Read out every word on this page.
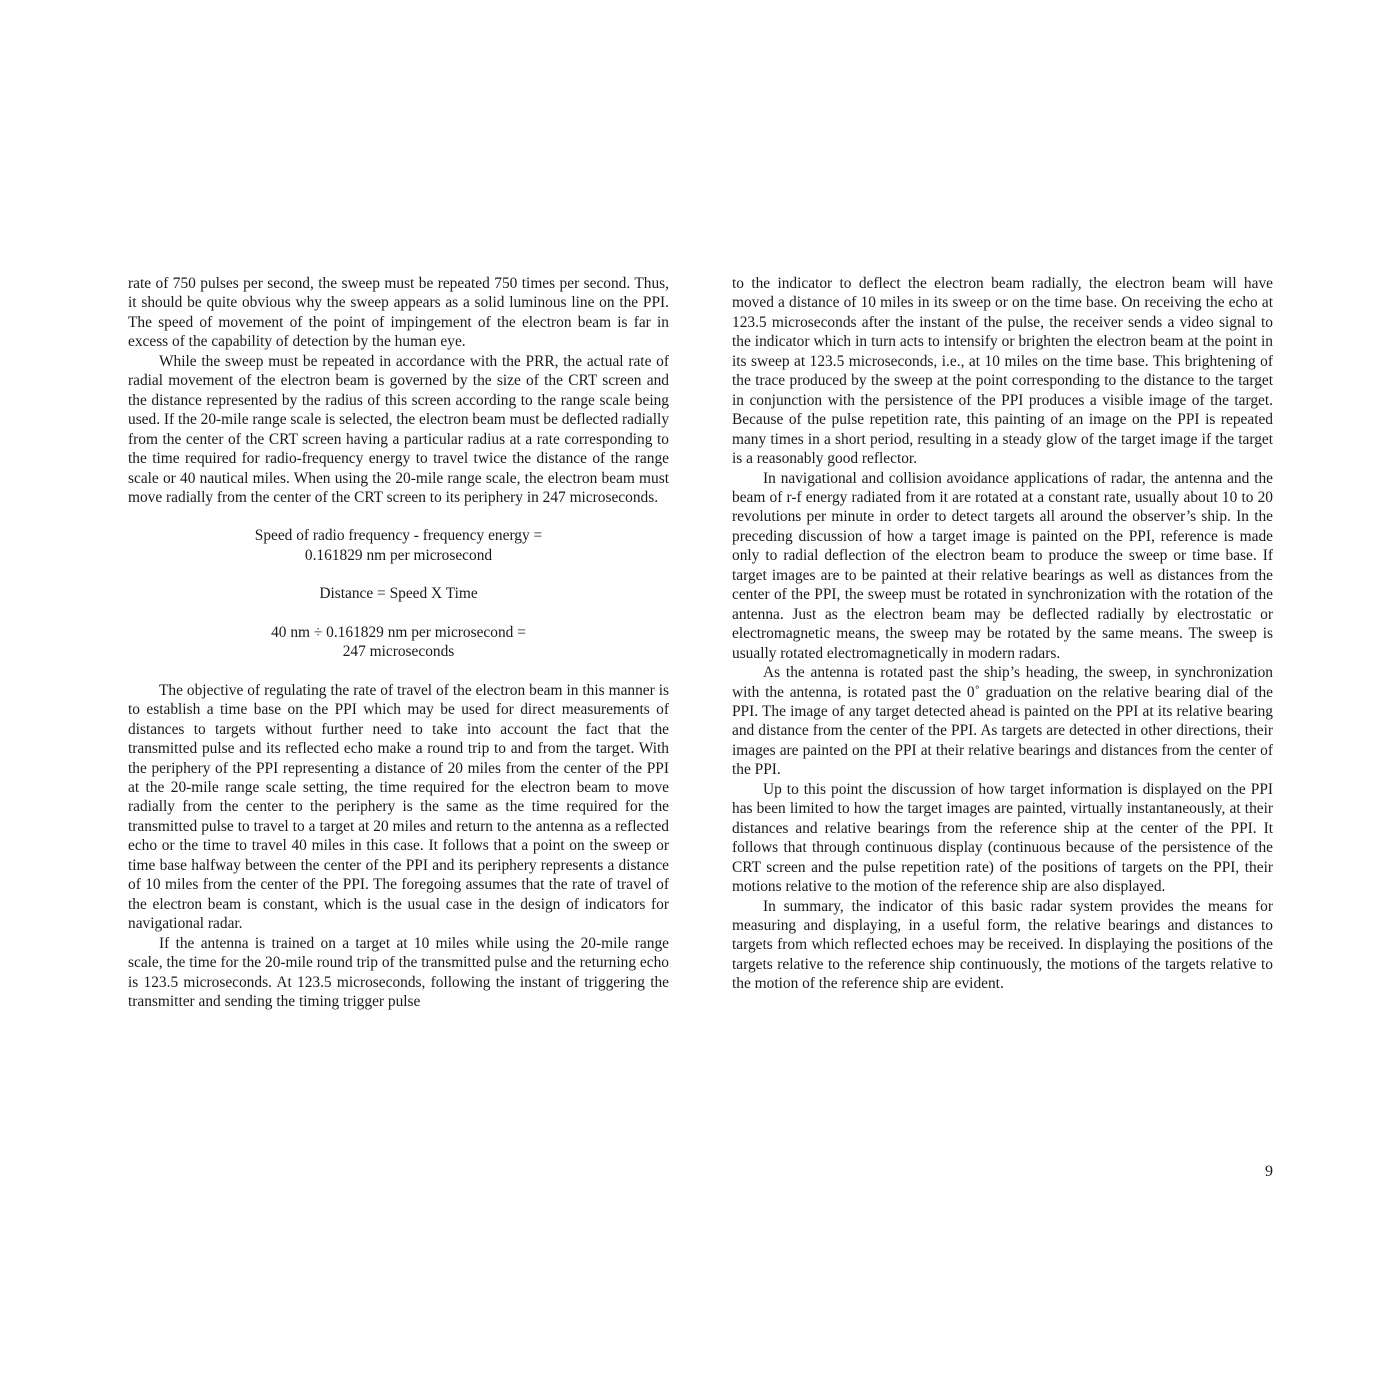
rate of 750 pulses per second, the sweep must be repeated 750 times per second. Thus, it should be quite obvious why the sweep appears as a solid luminous line on the PPI. The speed of movement of the point of impingement of the electron beam is far in excess of the capability of detection by the human eye.

While the sweep must be repeated in accordance with the PRR, the actual rate of radial movement of the electron beam is governed by the size of the CRT screen and the distance represented by the radius of this screen according to the range scale being used. If the 20-mile range scale is selected, the electron beam must be deflected radially from the center of the CRT screen having a particular radius at a rate corresponding to the time required for radio-frequency energy to travel twice the distance of the range scale or 40 nautical miles. When using the 20-mile range scale, the electron beam must move radially from the center of the CRT screen to its periphery in 247 microseconds.

Speed of radio frequency - frequency energy =
0.161829 nm per microsecond
Distance = Speed X Time
40 nm ÷ 0.161829 nm per microsecond =
247 microseconds

The objective of regulating the rate of travel of the electron beam in this manner is to establish a time base on the PPI which may be used for direct measurements of distances to targets without further need to take into account the fact that the transmitted pulse and its reflected echo make a round trip to and from the target. With the periphery of the PPI representing a distance of 20 miles from the center of the PPI at the 20-mile range scale setting, the time required for the electron beam to move radially from the center to the periphery is the same as the time required for the transmitted pulse to travel to a target at 20 miles and return to the antenna as a reflected echo or the time to travel 40 miles in this case. It follows that a point on the sweep or time base halfway between the center of the PPI and its periphery represents a distance of 10 miles from the center of the PPI. The foregoing assumes that the rate of travel of the electron beam is constant, which is the usual case in the design of indicators for navigational radar.

If the antenna is trained on a target at 10 miles while using the 20-mile range scale, the time for the 20-mile round trip of the transmitted pulse and the returning echo is 123.5 microseconds. At 123.5 microseconds, following the instant of triggering the transmitter and sending the timing trigger pulse

to the indicator to deflect the electron beam radially, the electron beam will have moved a distance of 10 miles in its sweep or on the time base. On receiving the echo at 123.5 microseconds after the instant of the pulse, the receiver sends a video signal to the indicator which in turn acts to intensify or brighten the electron beam at the point in its sweep at 123.5 microseconds, i.e., at 10 miles on the time base. This brightening of the trace produced by the sweep at the point corresponding to the distance to the target in conjunction with the persistence of the PPI produces a visible image of the target. Because of the pulse repetition rate, this painting of an image on the PPI is repeated many times in a short period, resulting in a steady glow of the target image if the target is a reasonably good reflector.

In navigational and collision avoidance applications of radar, the antenna and the beam of r-f energy radiated from it are rotated at a constant rate, usually about 10 to 20 revolutions per minute in order to detect targets all around the observer’s ship. In the preceding discussion of how a target image is painted on the PPI, reference is made only to radial deflection of the electron beam to produce the sweep or time base. If target images are to be painted at their relative bearings as well as distances from the center of the PPI, the sweep must be rotated in synchronization with the rotation of the antenna. Just as the electron beam may be deflected radially by electrostatic or electromagnetic means, the sweep may be rotated by the same means. The sweep is usually rotated electromagnetically in modern radars.

As the antenna is rotated past the ship’s heading, the sweep, in synchronization with the antenna, is rotated past the 0˚ graduation on the relative bearing dial of the PPI. The image of any target detected ahead is painted on the PPI at its relative bearing and distance from the center of the PPI. As targets are detected in other directions, their images are painted on the PPI at their relative bearings and distances from the center of the PPI.

Up to this point the discussion of how target information is displayed on the PPI has been limited to how the target images are painted, virtually instantaneously, at their distances and relative bearings from the reference ship at the center of the PPI. It follows that through continuous display (continuous because of the persistence of the CRT screen and the pulse repetition rate) of the positions of targets on the PPI, their motions relative to the motion of the reference ship are also displayed.

In summary, the indicator of this basic radar system provides the means for measuring and displaying, in a useful form, the relative bearings and distances to targets from which reflected echoes may be received. In displaying the positions of the targets relative to the reference ship continuously, the motions of the targets relative to the motion of the reference ship are evident.

9
